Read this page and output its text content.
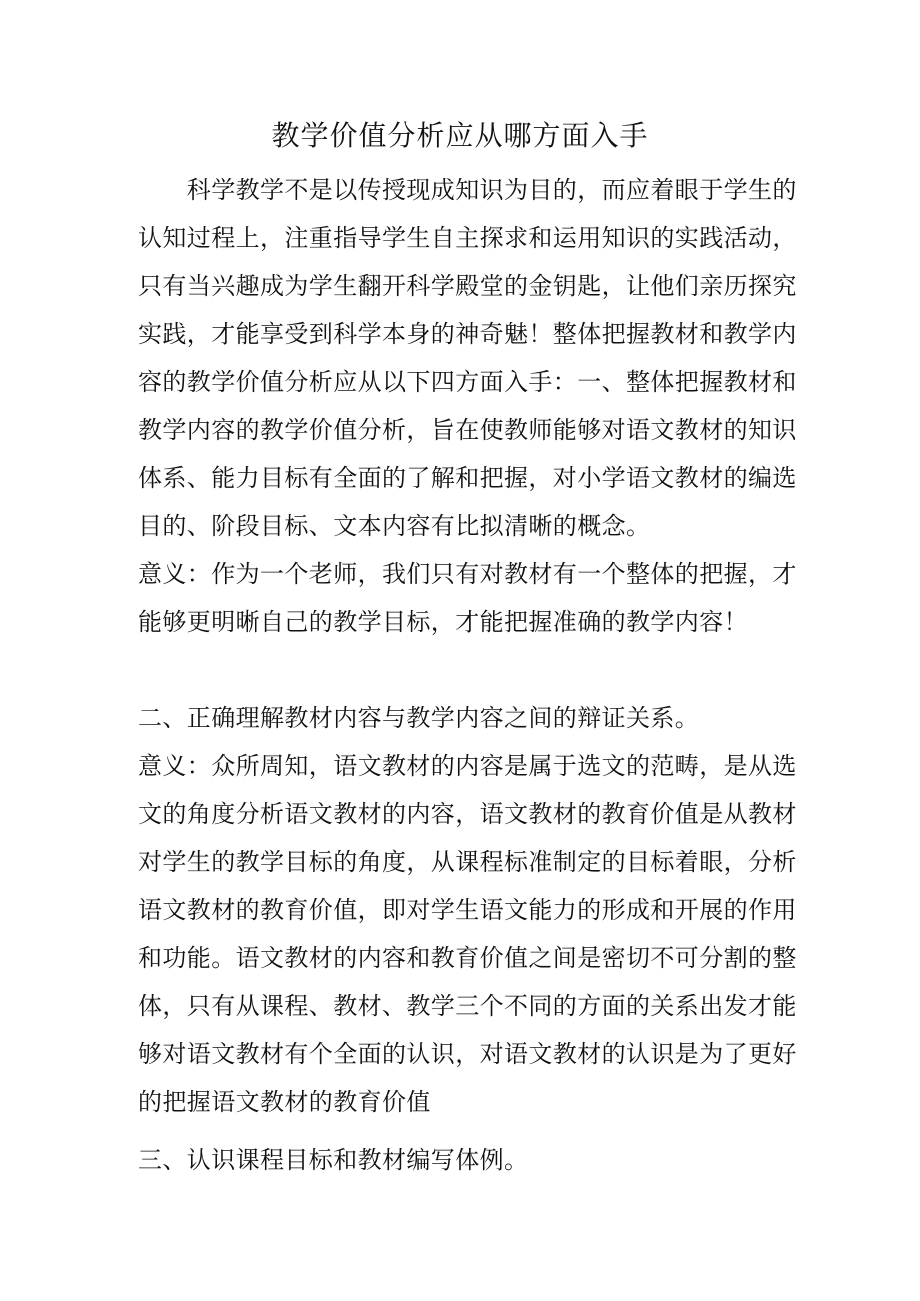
教学价值分析应从哪方面入手

　　科学教学不是以传授现成知识为目的，而应着眼于学生的

认知过程上，注重指导学生自主探求和运用知识的实践活动，

只有当兴趣成为学生翻开科学殿堂的金钥匙，让他们亲历探究

实践，才能享受到科学本身的神奇魅！整体把握教材和教学内

容的教学价值分析应从以下四方面入手：一、整体把握教材和

教学内容的教学价值分析，旨在使教师能够对语文教材的知识

体系、能力目标有全面的了解和把握，对小学语文教材的编选

目的、阶段目标、文本内容有比拟清晰的概念。

意义：作为一个老师，我们只有对教材有一个整体的把握，才

能够更明晰自己的教学目标，才能把握准确的教学内容！

二、正确理解教材内容与教学内容之间的辩证关系。

意义：众所周知，语文教材的内容是属于选文的范畴，是从选

文的角度分析语文教材的内容，语文教材的教育价值是从教材

对学生的教学目标的角度，从课程标准制定的目标着眼，分析

语文教材的教育价值，即对学生语文能力的形成和开展的作用

和功能。语文教材的内容和教育价值之间是密切不可分割的整

体，只有从课程、教材、教学三个不同的方面的关系出发才能

够对语文教材有个全面的认识，对语文教材的认识是为了更好

的把握语文教材的教育价值

三、认识课程目标和教材编写体例。
